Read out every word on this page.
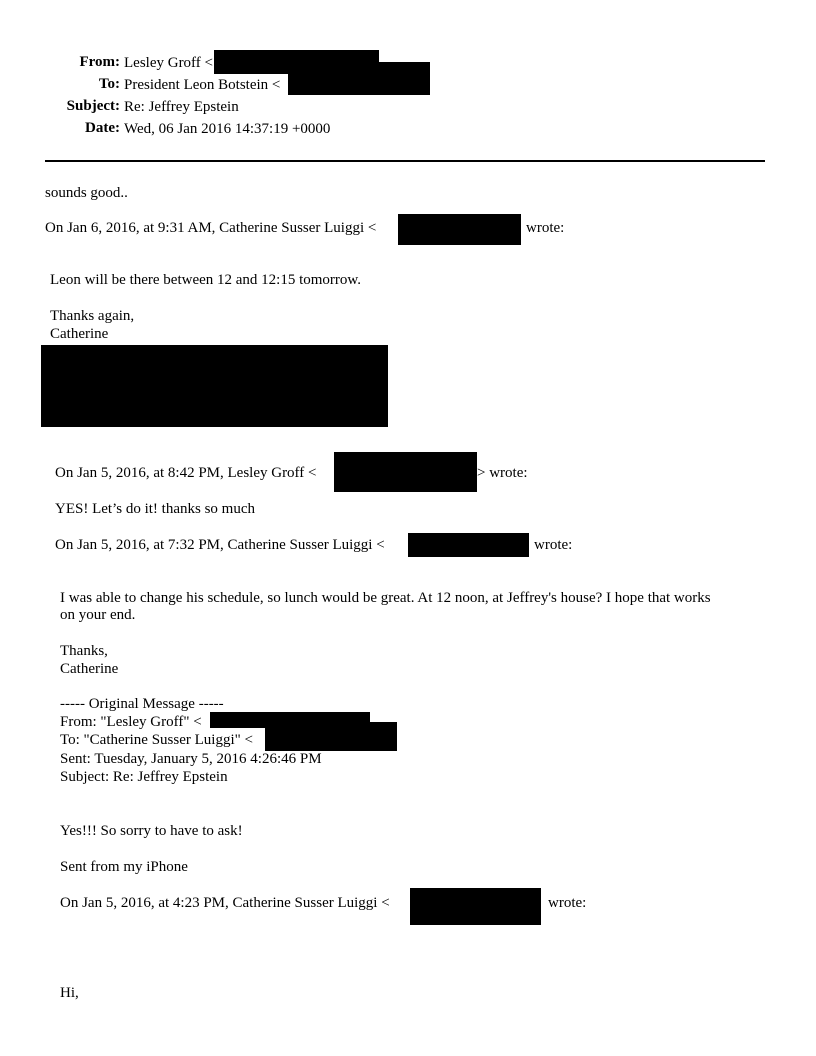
From: Lesley Groff <
To: President Leon Botstein <
Subject: Re: Jeffrey Epstein
Date: Wed, 06 Jan 2016 14:37:19 +0000
sounds good..
On Jan 6, 2016, at 9:31 AM, Catherine Susser Luiggi <	wrote:
Leon will be there between 12 and 12:15 tomorrow.
Thanks again,
Catherine
On Jan 5, 2016, at 8:42 PM, Lesley Groff <	> wrote:
YES! Let’s do it! thanks so much
On Jan 5, 2016, at 7:32 PM, Catherine Susser Luiggi <	wrote:
I was able to change his schedule, so lunch would be great. At 12 noon, at Jeffrey's house? I hope that works
on your end.
Thanks,
Catherine
----- Original Message -----
From: "Lesley Groff" <
To: "Catherine Susser Luiggi" <
Sent: Tuesday, January 5, 2016 4:26:46 PM
Subject: Re: Jeffrey Epstein
Yes!!! So sorry to have to ask!
Sent from my iPhone
On Jan 5, 2016, at 4:23 PM, Catherine Susser Luiggi <	wrote:
Hi,
